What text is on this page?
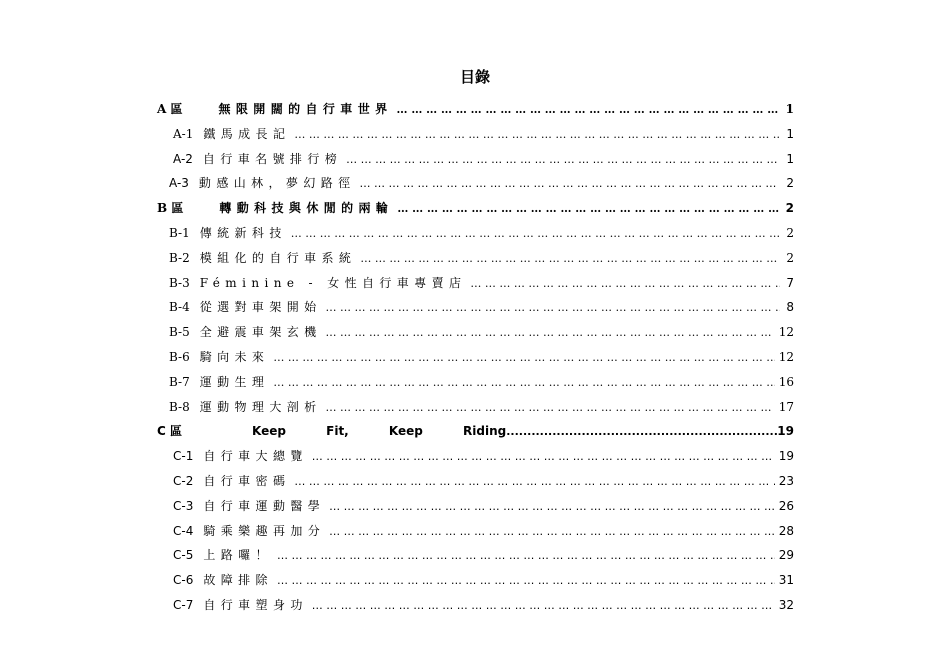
目錄
A 區	無限開闊的自行車世界 … … … … … … … … … … … … … … … … … … … … … … … … … … … … … … … … … … … … … … … … …	1
A-1 鐵馬成長記 … … … … … … … … … … … … … … … … … … … … … … … … … … … … … … … … … … … … … … … … …	1
A-2 自行車名號排行榜 … … … … … … … … … … … … … … … … … … … … … … … … … … … … … … … … … … … … … … … … …	1
A-3 動感山林，夢幻路徑 … … … … … … … … … … … … … … … … … … … … … … … … … … … … … … … … … … … … … … … … …	2
B 區	轉動科技與休閒的兩輪 … … … … … … … … … … … … … … … … … … … … … … … … … … … … … … … … … … … … … … … … …	2
B-1 傳統新科技 … … … … … … … … … … … … … … … … … … … … … … … … … … … … … … … … … … … … … … … … …	2
B-2 模組化的自行車系統 … … … … … … … … … … … … … … … … … … … … … … … … … … … … … … … … … … … … … … … … …	2
B-3 Féminine - 女性自行車專賣店 … … … … … … … … … … … … … … … … … … … … … … … … … … … … … … … … … … … … … … … … …	7
B-4 從選對車架開始 … … … … … … … … … … … … … … … … … … … … … … … … … … … … … … … … … … … … … … … … …	8
B-5 全避震車架玄機 … … … … … … … … … … … … … … … … … … … … … … … … … … … … … … … … … … … … … … … … …	12
B-6 騎向未來 … … … … … … … … … … … … … … … … … … … … … … … … … … … … … … … … … … … … … … … … …	12
B-7 運動生理 … … … … … … … … … … … … … … … … … … … … … … … … … … … … … … … … … … … … … … … … …	16
B-8 運動物理大剖析 … … … … … … … … … … … … … … … … … … … … … … … … … … … … … … … … … … … … … … … … …	17
C 區	Keep Fit, Keep Riding .....	19
C-1 自行車大總覽 … … … … … … … … … … … … … … … … … … … … … … … … … … … … … … … … … … … … … … … … …	19
C-2 自行車密碼 … … … … … … … … … … … … … … … … … … … … … … … … … … … … … … … … … … … … … … … … …	23
C-3 自行車運動醫學 … … … … … … … … … … … … … … … … … … … … … … … … … … … … … … … … … … … … … … … … …	26
C-4 騎乘樂趣再加分 … … … … … … … … … … … … … … … … … … … … … … … … … … … … … … … … … … … … … … … … …	28
C-5 上路囉！ … … … … … … … … … … … … … … … … … … … … … … … … … … … … … … … … … … … … … … … … …	29
C-6 故障排除 … … … … … … … … … … … … … … … … … … … … … … … … … … … … … … … … … … … … … … … … …	31
C-7 自行車塑身功 … … … … … … … … … … … … … … … … … … … … … … … … … … … … … … … … … … … … … … … … …	32
